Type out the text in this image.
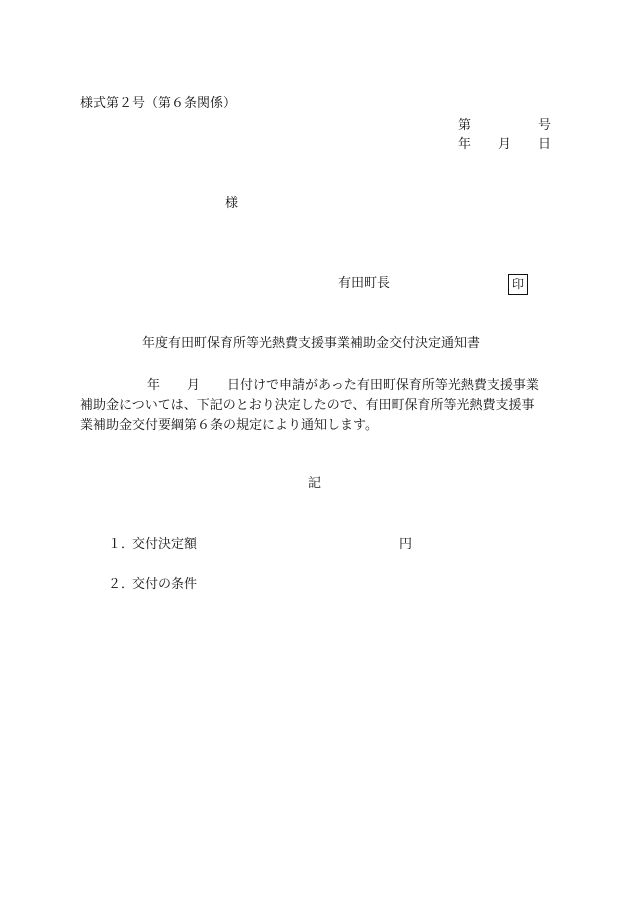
様式第２号（第６条関係）
第	号
年 月 日
様
有田町長	印
年度有田町保育所等光熱費支援事業補助金交付決定通知書
年 月 日付けで申請があった有田町保育所等光熱費支援事業
補助金については、下記のとおり決定したので、有田町保育所等光熱費支援事
業補助金交付要綱第６条の規定により通知します。
記
１．
交付決定額	円
２．
交付の条件
